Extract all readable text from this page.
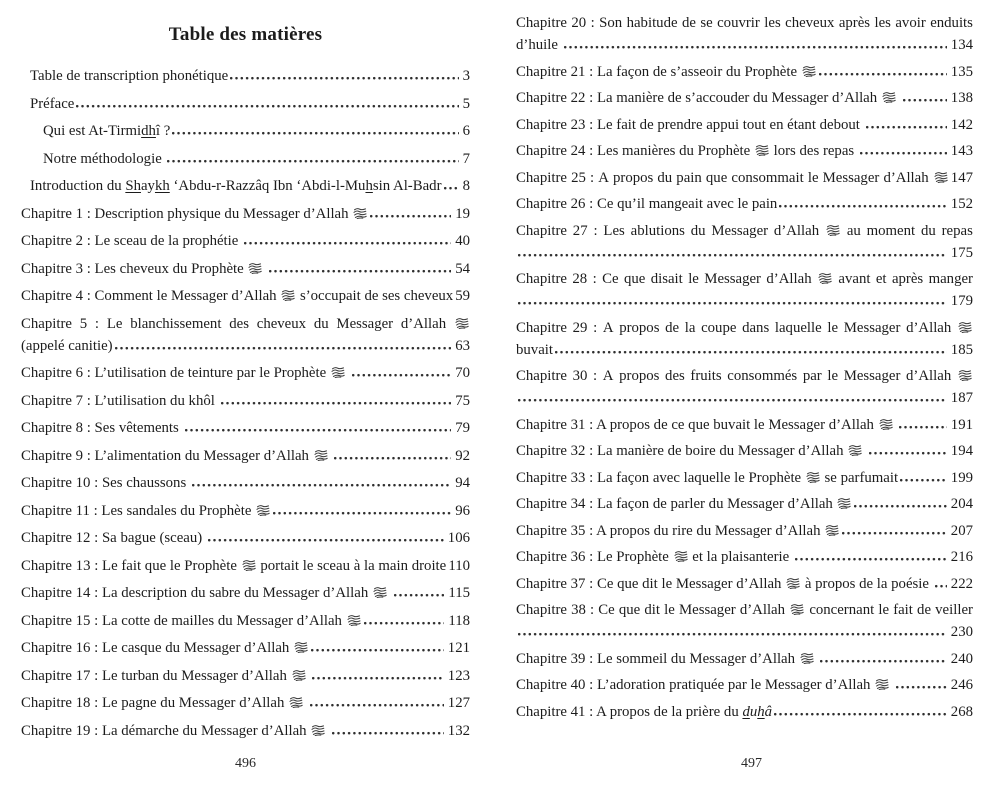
Table des matières
Table de transcription phonétique	3
Préface	5
Qui est At-Tirmidhî ?	6
Notre méthodologie	7
Introduction du Shaykh ‘Abdu-r-Razzâq Ibn ‘Abdi-l-Muhsin Al-Badr 8
Chapitre 1 : Description physique du Messager d’Allah	19
Chapitre 2 : Le sceau de la prophétie	40
Chapitre 3 : Les cheveux du Prophète	54
Chapitre 4 : Comment le Messager d’Allah s’occupait de ses cheveux 59
Chapitre 5 : Le blanchissement des cheveux du Messager d’Allah
(appelé canitie)	63
Chapitre 6 : L’utilisation de teinture par le Prophète	70
Chapitre 7 : L’utilisation du khôl	75
Chapitre 8 : Ses vêtements	79
Chapitre 9 : L’alimentation du Messager d’Allah	92
Chapitre 10 : Ses chaussons	94
Chapitre 11 : Les sandales du Prophète	96
Chapitre 12 : Sa bague (sceau)	106
Chapitre 13 : Le fait que le Prophète portait le sceau à la main droite 110
Chapitre 14 : La description du sabre du Messager d’Allah	115
Chapitre 15 : La cotte de mailles du Messager d’Allah	118
Chapitre 16 : Le casque du Messager d’Allah	121
Chapitre 17 : Le turban du Messager d’Allah	123
Chapitre 18 : Le pagne du Messager d’Allah	127
Chapitre 19 : La démarche du Messager d’Allah	132
496
Chapitre 20 : Son habitude de se couvrir les cheveux après les avoir enduits
d’huile	134
Chapitre 21 : La façon de s’asseoir du Prophète	135
Chapitre 22 : La manière de s’accouder du Messager d’Allah	138
Chapitre 23 : Le fait de prendre appui tout en étant debout	142
Chapitre 24 : Les manières du Prophète  lors des repas	143
Chapitre 25 : A propos du pain que consommait le Messager d’Allah 147
Chapitre 26 : Ce qu’il mangeait avec le pain	152
Chapitre 27 : Les ablutions du Messager d’Allah au moment du repas
175
Chapitre 28 : Ce que disait le Messager d’Allah avant et après manger
179
Chapitre 29 : A propos de la coupe dans laquelle le Messager d’Allah
buvait	185
Chapitre 30 : A propos des fruits consommés par le Messager d’Allah
187
Chapitre 31 : A propos de ce que buvait le Messager d’Allah	191
Chapitre 32 : La manière de boire du Messager d’Allah	194
Chapitre 33 : La façon avec laquelle le Prophète  se parfumait	199
Chapitre 34 : La façon de parler du Messager d’Allah	204
Chapitre 35 : A propos du rire du Messager d’Allah	207
Chapitre 36 : Le Prophète  et la plaisanterie	216
Chapitre 37 : Ce que dit le Messager d’Allah  à propos de la poésie 222
Chapitre 38 : Ce que dit le Messager d’Allah concernant le fait de veiller
230
Chapitre 39 : Le sommeil du Messager d’Allah	240
Chapitre 40 : L’adoration pratiquée par le Messager d’Allah	246
Chapitre 41 : A propos de la prière du duhâ	268
497
